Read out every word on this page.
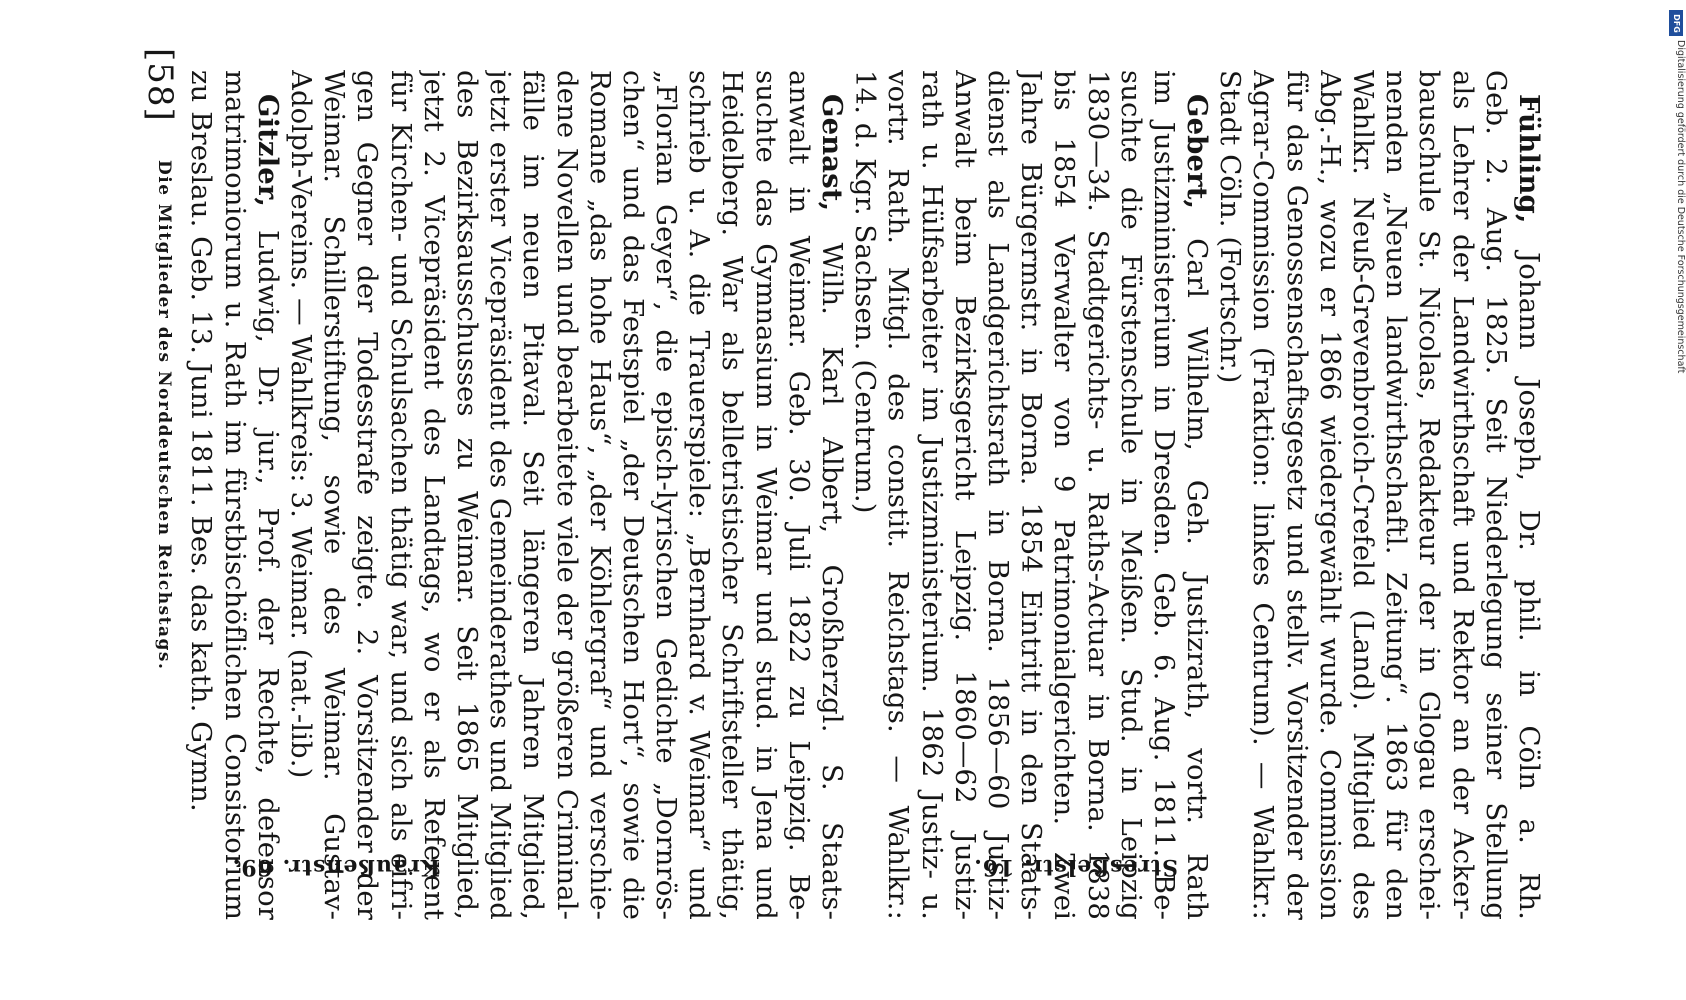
[58]
Die Mitglieder des Norddeutschen Reichstags.
Fühling, Johann Joseph, Dr. phil. in Cöln a. Rh.
Geb. 2. Aug. 1825. Seit Niederlegung seiner Stellung
als Lehrer der Landwirthschaft und Rektor an der Acker-
bauschule St. Nicolas, Redakteur der in Glogau erschei-
nenden „Neuen landwirthschaftl. Zeitung“. 1863 für den
Wahlkr. Neuß-Grevenbroich-Crefeld (Land). Mitglied des
Abg.-H., wozu er 1866 wiedergewählt wurde. Commission
für das Genossenschaftsgesetz und stellv. Vorsitzender der
Agrar-Commission (Fraktion: linkes Centrum). — Wahlkr.:
Stadt Cöln. (Fortschr.)
Gebert, Carl Wilhelm, Geh. Justizrath, vortr. Rath
im Justizministerium in Dresden. Geb. 6. Aug. 1811. Be-
suchte die Fürstenschule in Meißen. Stud. in Leipzig
1830—34. Stadtgerichts- u. Raths-Actuar in Borna. 1838
bis 1854 Verwalter von 9 Patrimonialgerichten. Zwei
Jahre Bürgermstr. in Borna. 1854 Eintritt in den Staats-
dienst als Landgerichtsrath in Borna. 1856—60 Justiz-
Anwalt beim Bezirksgericht Leipzig. 1860—62 Justiz-
rath u. Hülfsarbeiter im Justizministerium. 1862 Justiz- u.
vortr. Rath. Mitgl. des constit. Reichstags. — Wahlkr.:
14. d. Kgr. Sachsen. (Centrum.)
Genast, Wilh. Karl Albert, Großherzgl. S. Staats-
anwalt in Weimar. Geb. 30. Juli 1822 zu Leipzig. Be-
suchte das Gymnasium in Weimar und stud. in Jena und
Heidelberg. War als belletristischer Schriftsteller thätig,
schrieb u. A. die Trauerspiele: „Bernhard v. Weimar“ und
„Florian Geyer“, die episch-lyrischen Gedichte „Dornrös-
chen“ und das Festspiel „der Deutschen Hort“, sowie die
Romane „das hohe Haus“, „der Köhlergraf“ und verschie-
dene Novellen und bearbeitete viele der größeren Criminal-
fälle im neuen Pitaval. Seit längeren Jahren Mitglied,
jetzt erster Vicepräsident des Gemeinderathes und Mitglied
des Bezirksausschusses zu Weimar. Seit 1865 Mitglied,
jetzt 2. Vicepräsident des Landtags, wo er als Referent
für Kirchen- und Schulsachen thätig war, und sich als eifri-
gen Gegner der Todesstrafe zeigte. 2. Vorsitzender der
Weimar. Schillerstiftung, sowie des Weimar. Gustav-
Adolph-Vereins. — Wahlkreis: 3. Weimar. (nat.-lib.)
Gitzler, Ludwig, Dr. jur., Prof. der Rechte, defensor
matrimoniorum u. Rath im fürstbischöflichen Consistorium
zu Breslau. Geb. 13. Juni 1811. Bes. das kath. Gymn.
Kraußenstr. 69.	Stresßelstr. 16.
Digitalisierung gefördert durch die Deutsche Forschungsgemeinschaft
DFG
